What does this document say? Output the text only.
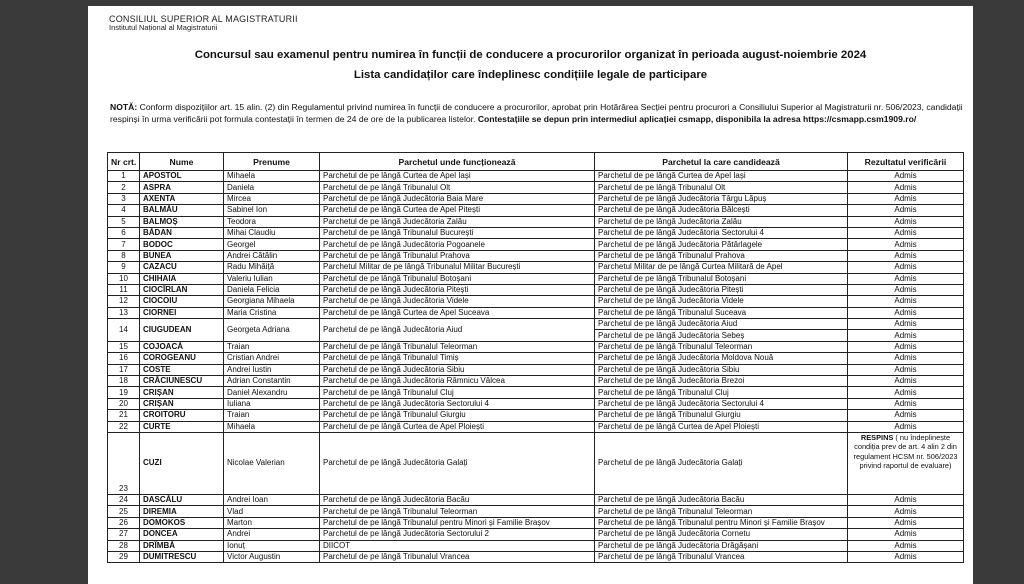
CONSILIUL SUPERIOR AL MAGISTRATURII
Institutul Național al Magistraturii
Concursul sau examenul pentru numirea în funcții de conducere a procurorilor organizat în perioada august-noiembrie 2024
Lista candidaților care îndeplinesc condițiile legale de participare
NOTĂ: Conform dispozițiilor art. 15 alin. (2) din Regulamentul privind numirea în funcții de conducere a procurorilor, aprobat prin Hotărârea Secției pentru procurori a Consiliului Superior al Magistraturii nr. 506/2023, candidații respinși în urma verificării pot formula contestații în termen de 24 de ore de la publicarea listelor. Contestațiile se depun prin intermediul aplicației csmapp, disponibila la adresa https://csmapp.csm1909.ro/
Nr crt.	Nume	Prenume	Parchetul unde funcționează	Parchetul la care candidează	Rezultatul verificării
1	APOSTOL	Mihaela	Parchetul de pe lângă Curtea de Apel Iași	Parchetul de pe lângă Curtea de Apel Iași	Admis
2	ASPRA	Daniela	Parchetul de pe lângă Tribunalul Olt	Parchetul de pe lângă Tribunalul Olt	Admis
3	AXENTA	Mircea	Parchetul de pe lângă Judecătoria Baia Mare	Parchetul de pe lângă Judecătoria Târgu Lăpuș	Admis
4	BALMĂU	Sabinel Ion	Parchetul de pe lângă Curtea de Apel Pitești	Parchetul de pe lângă Judecătoria Bălcești	Admis
5	BALMOȘ	Teodora	Parchetul de pe lângă Judecătoria Zalău	Parchetul de pe lângă Judecătoria Zalău	Admis
6	BĂDAN	Mihai Claudiu	Parchetul de pe lângă Tribunalul București	Parchetul de pe lângă Judecătoria Sectorului 4	Admis
7	BODOC	Georgel	Parchetul de pe lângă Judecătoria Pogoanele	Parchetul de pe lângă Judecătoria Pătârlagele	Admis
8	BUNEA	Andrei Cătălin	Parchetul de pe lângă Tribunalul Prahova	Parchetul de pe lângă Tribunalul Prahova	Admis
9	CAZACU	Radu Mihăiță	Parchetul Militar de pe lângă Tribunalul Militar București	Parchetul Militar de pe lângă Curtea Militară de Apel	Admis
10	CHIHAIA	Valeriu Iulian	Parchetul de pe lângă Tribunalul Botoșani	Parchetul de pe lângă Tribunalul Botoșani	Admis
11	CIOCÎRLAN	Daniela Felicia	Parchetul de pe lângă Judecătoria Pitești	Parchetul de pe lângă Judecătoria Pitești	Admis
12	CIOCOIU	Georgiana Mihaela	Parchetul de pe lângă Judecătoria Videle	Parchetul de pe lângă Judecătoria Videle	Admis
13	CIORNEI	Maria Cristina	Parchetul de pe lângă Curtea de Apel Suceava	Parchetul de pe lângă Tribunalul Suceava	Admis
14	CIUGUDEAN	Georgeta Adriana	Parchetul de pe lângă Judecătoria Aiud	Parchetul de pe lângă Judecătoria Aiud	Admis
				Parchetul de pe lângă Judecătoria Sebeș	Admis
15	COJOACĂ	Traian	Parchetul de pe lângă Tribunalul Teleorman	Parchetul de pe lângă Tribunalul Teleorman	Admis
16	COROGEANU	Cristian Andrei	Parchetul de pe lângă Tribunalul Timiș	Parchetul de pe lângă Judecătoria Moldova Nouă	Admis
17	COSTE	Andrei Iustin	Parchetul de pe lângă Judecătoria Sibiu	Parchetul de pe lângă Judecătoria Sibiu	Admis
18	CRĂCIUNESCU	Adrian Constantin	Parchetul de pe lângă Judecătoria Râmnicu Vâlcea	Parchetul de pe lângă Judecătoria Brezoi	Admis
19	CRIȘAN	Daniel Alexandru	Parchetul de pe lângă Tribunalul Cluj	Parchetul de pe lângă Tribunalul Cluj	Admis
20	CRIȘAN	Iuliana	Parchetul de pe lângă Judecătoria Sectorului 4	Parchetul de pe lângă Judecătoria Sectorului 4	Admis
21	CROITORU	Traian	Parchetul de pe lângă Tribunalul Giurgiu	Parchetul de pe lângă Tribunalul Giurgiu	Admis
22	CURTE	Mihaela	Parchetul de pe lângă Curtea de Apel Ploiești	Parchetul de pe lângă Curtea de Apel Ploiești	Admis
23	CUZI	Nicolae Valerian	Parchetul de pe lângă Judecătoria Galați	Parchetul de pe lângă Judecătoria Galați	RESPINS ( nu îndeplinește condiția prev de art. 4 alin 2 din regulament HCSM nr. 506/2023 privind raportul de evaluare)
24	DASCĂLU	Andrei Ioan	Parchetul de pe lângă Judecătoria Bacău	Parchetul de pe lângă Judecătoria Bacău	Admis
25	DIREMIA	Vlad	Parchetul de pe lângă Tribunalul Teleorman	Parchetul de pe lângă Tribunalul Teleorman	Admis
26	DOMOKOS	Marton	Parchetul de pe lângă Tribunalul pentru Minori și Familie Brașov	Parchetul de pe lângă Tribunalul pentru Minori și Familie Brașov	Admis
27	DONCEA	Andrei	Parchetul de pe lângă Judecătoria Sectorului 2	Parchetul de pe lângă Judecătoria Cornetu	Admis
28	DRÎMBĂ	Ionuț	DIICOT	Parchetul de pe lângă Judecătoria Drăgășani	Admis
29	DUMITRESCU	Victor Augustin	Parchetul de pe lângă Tribunalul Vrancea	Parchetul de pe lângă Tribunalul Vrancea	Admis
